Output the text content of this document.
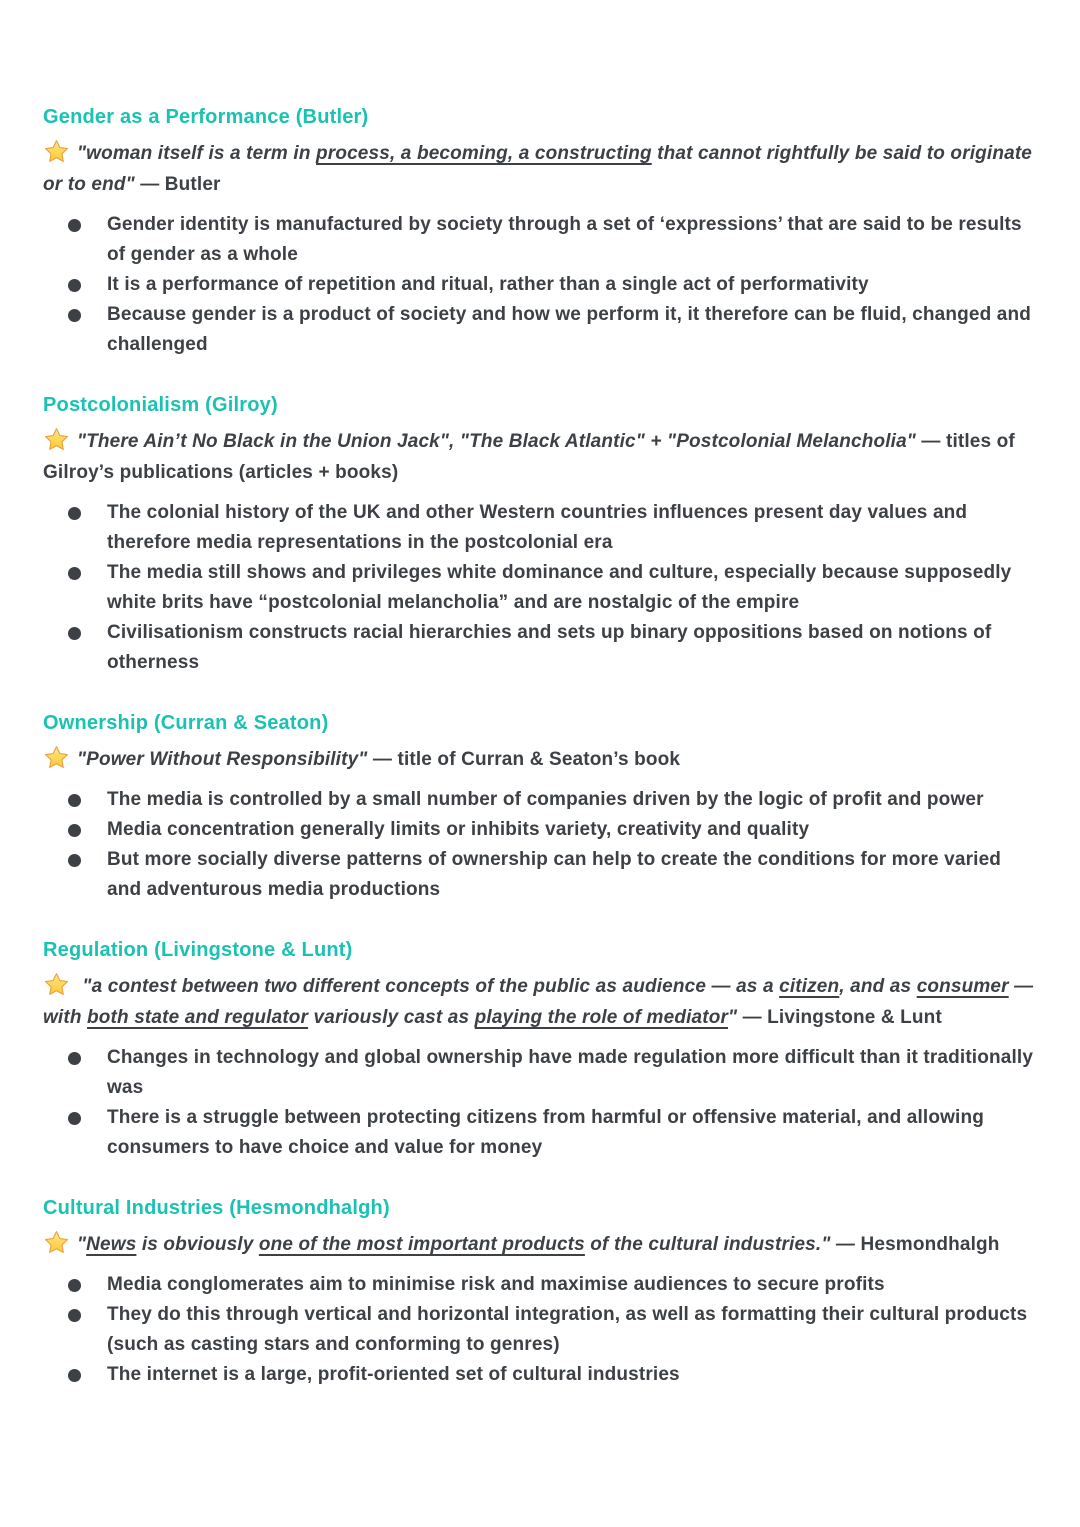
Gender as a Performance (Butler)

"woman itself is a term in process, a becoming, a constructing that cannot rightfully be said to originate or to end" — Butler

Gender identity is manufactured by society through a set of ‘expressions’ that are said to be results of gender as a whole
It is a performance of repetition and ritual, rather than a single act of performativity
Because gender is a product of society and how we perform it, it therefore can be fluid, changed and challenged
Postcolonialism (Gilroy)

"There Ain’t No Black in the Union Jack", "The Black Atlantic" + "Postcolonial Melancholia" — titles of Gilroy’s publications (articles + books)

The colonial history of the UK and other Western countries influences present day values and therefore media representations in the postcolonial era
The media still shows and privileges white dominance and culture, especially because supposedly white brits have “postcolonial melancholia” and are nostalgic of the empire
Civilisationism constructs racial hierarchies and sets up binary oppositions based on notions of otherness
Ownership (Curran & Seaton)

"Power Without Responsibility" — title of Curran & Seaton’s book

The media is controlled by a small number of companies driven by the logic of profit and power
Media concentration generally limits or inhibits variety, creativity and quality
But more socially diverse patterns of ownership can help to create the conditions for more varied and adventurous media productions
Regulation (Livingstone & Lunt)

"a contest between two different concepts of the public as audience — as a citizen, and as consumer — with both state and regulator variously cast as playing the role of mediator" — Livingstone & Lunt

Changes in technology and global ownership have made regulation more difficult than it traditionally was
There is a struggle between protecting citizens from harmful or offensive material, and allowing consumers to have choice and value for money
Cultural Industries (Hesmondhalgh)

"News is obviously one of the most important products of the cultural industries." — Hesmondhalgh

Media conglomerates aim to minimise risk and maximise audiences to secure profits
They do this through vertical and horizontal integration, as well as formatting their cultural products (such as casting stars and conforming to genres)
The internet is a large, profit-oriented set of cultural industries
